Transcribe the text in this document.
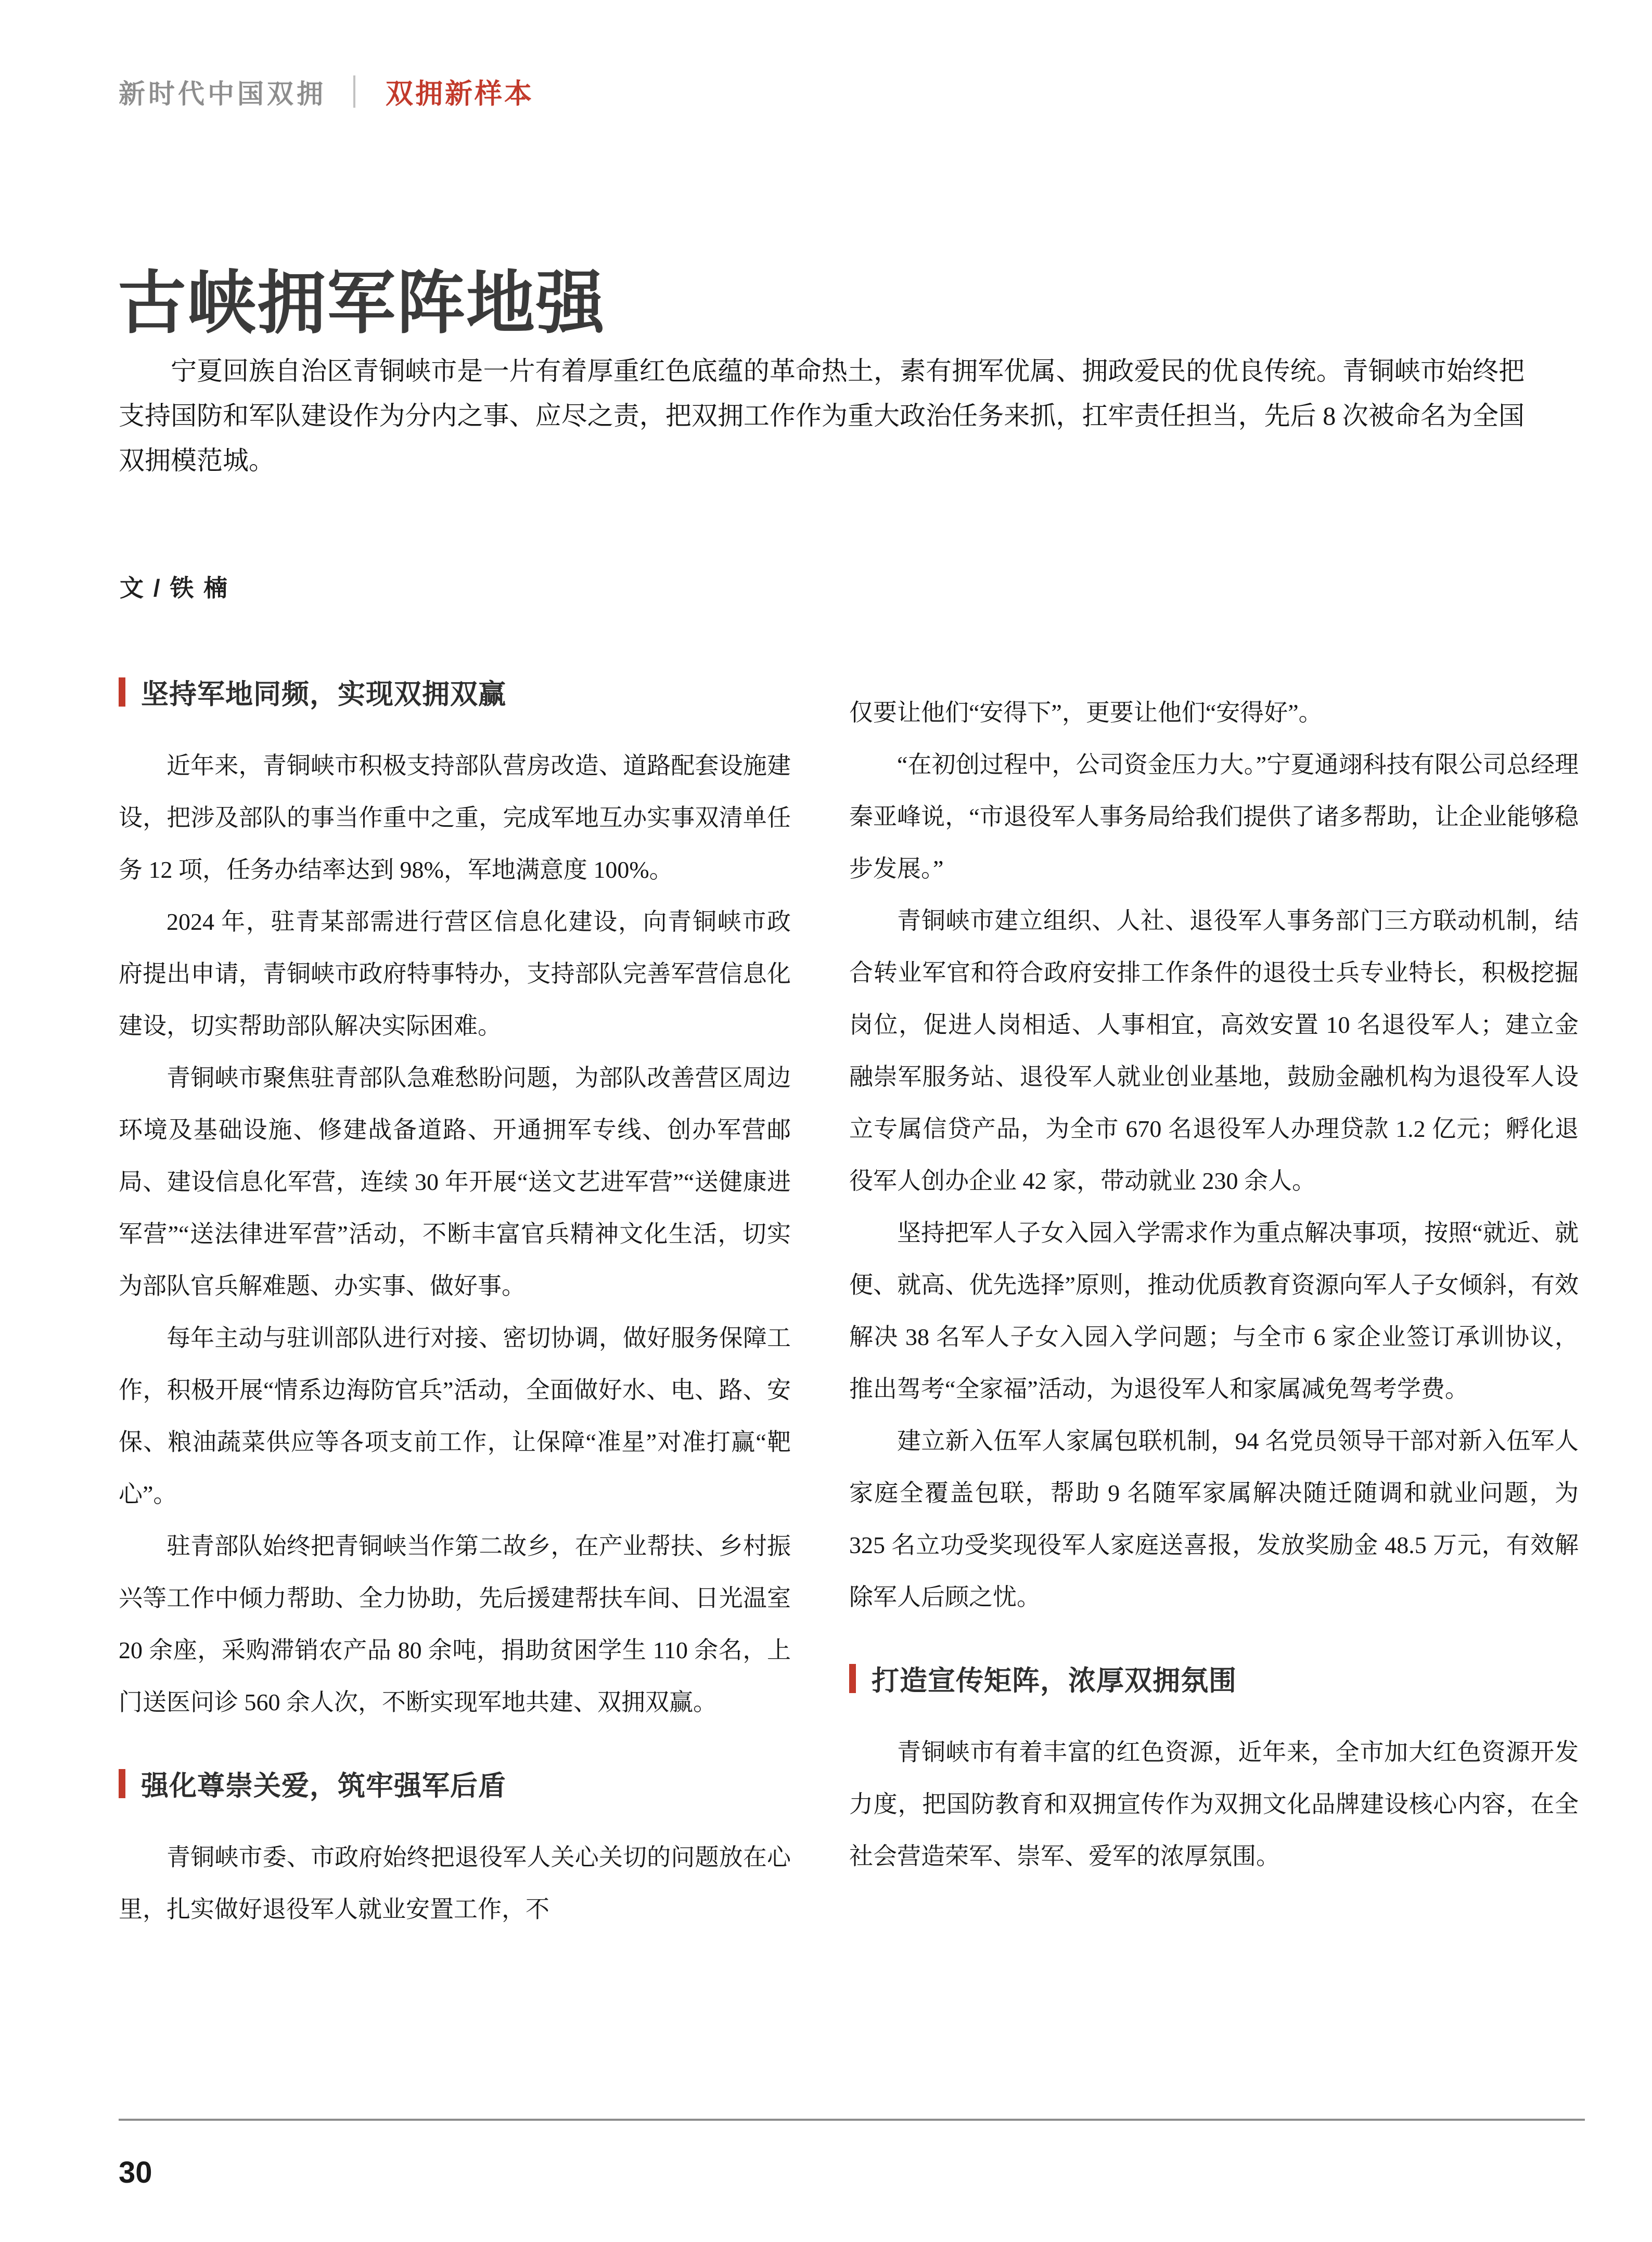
新时代中国双拥 双拥新样本
古峡拥军阵地强

宁夏回族自治区青铜峡市是一片有着厚重红色底蕴的革命热土，素有拥军优属、拥政爱民的优良传统。青铜峡市始终把支持国防和军队建设作为分内之事、应尽之责，把双拥工作作为重大政治任务来抓，扛牢责任担当，先后 8 次被命名为全国双拥模范城。

文 / 铁 楠
坚持军地同频，实现双拥双赢

近年来，青铜峡市积极支持部队营房改造、道路配套设施建设，把涉及部队的事当作重中之重，完成军地互办实事双清单任务 12 项，任务办结率达到 98%，军地满意度 100%。

2024 年，驻青某部需进行营区信息化建设，向青铜峡市政府提出申请，青铜峡市政府特事特办，支持部队完善军营信息化建设，切实帮助部队解决实际困难。

青铜峡市聚焦驻青部队急难愁盼问题，为部队改善营区周边环境及基础设施、修建战备道路、开通拥军专线、创办军营邮局、建设信息化军营，连续 30 年开展“送文艺进军营”“送健康进军营”“送法律进军营”活动，不断丰富官兵精神文化生活，切实为部队官兵解难题、办实事、做好事。

每年主动与驻训部队进行对接、密切协调，做好服务保障工作，积极开展“情系边海防官兵”活动，全面做好水、电、路、安保、粮油蔬菜供应等各项支前工作，让保障“准星”对准打赢“靶心”。

驻青部队始终把青铜峡当作第二故乡，在产业帮扶、乡村振兴等工作中倾力帮助、全力协助，先后援建帮扶车间、日光温室 20 余座，采购滞销农产品 80 余吨，捐助贫困学生 110 余名，上门送医问诊 560 余人次，不断实现军地共建、双拥双赢。

强化尊崇关爱，筑牢强军后盾

青铜峡市委、市政府始终把退役军人关心关切的问题放在心里，扎实做好退役军人就业安置工作，不

仅要让他们“安得下”，更要让他们“安得好”。

“在初创过程中，公司资金压力大。”宁夏通翊科技有限公司总经理秦亚峰说，“市退役军人事务局给我们提供了诸多帮助，让企业能够稳步发展。”

青铜峡市建立组织、人社、退役军人事务部门三方联动机制，结合转业军官和符合政府安排工作条件的退役士兵专业特长，积极挖掘岗位，促进人岗相适、人事相宜，高效安置 10 名退役军人；建立金融崇军服务站、退役军人就业创业基地，鼓励金融机构为退役军人设立专属信贷产品，为全市 670 名退役军人办理贷款 1.2 亿元；孵化退役军人创办企业 42 家，带动就业 230 余人。

坚持把军人子女入园入学需求作为重点解决事项，按照“就近、就便、就高、优先选择”原则，推动优质教育资源向军人子女倾斜，有效解决 38 名军人子女入园入学问题；与全市 6 家企业签订承训协议，推出驾考“全家福”活动，为退役军人和家属减免驾考学费。

建立新入伍军人家属包联机制，94 名党员领导干部对新入伍军人家庭全覆盖包联，帮助 9 名随军家属解决随迁随调和就业问题，为 325 名立功受奖现役军人家庭送喜报，发放奖励金 48.5 万元，有效解除军人后顾之忧。

打造宣传矩阵，浓厚双拥氛围

青铜峡市有着丰富的红色资源，近年来，全市加大红色资源开发力度，把国防教育和双拥宣传作为双拥文化品牌建设核心内容，在全社会营造荣军、崇军、爱军的浓厚氛围。

30
